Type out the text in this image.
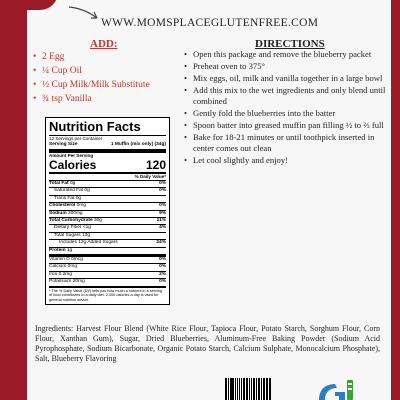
WWW.MOMSPLACEGLUTENFREE.COM
ADD:
• 2 Egg
• ¼ Cup Oil
• ½ Cup Milk/Milk Substitute
• ¾ tsp Vanilla
DIRECTIONS
• Open this package and remove the blueberry packet
• Preheat oven to 375°
• Mix eggs, oil, milk and vanilla together in a large bowl
• Add this mix to the wet ingredients and only blend until combined
• Gently fold the blueberries into the batter
• Spoon batter into greased muffin pan filling ½ to ⅔ full
• Bake for 18-21 minutes or until toothpick inserted in center comes out clean
• Let cool slightly and enjoy!
Nutrition Facts
12 Servings per Container
Serving Size	1 Muffin (mix only) (34g)
Amount Per Serving
Calories	120
% Daily Value*
Total Fat 0g	0%
Saturated Fat 0g	0%
Trans Fat 0g
Cholesterol 0mg	0%
Sodium 200mg	9%
Total Carbohydrate 30g	11%
Dietary Fiber <1g	4%
Total Sugars 13g
Includes 12g Added Sugars	24%
Protein 1g
Vitamin D 0mcg	0%
Calcium 0mg	0%
Iron 0.2mg	2%
Potassium 20mg	0%
* The % Daily Value (DV) tells you how much a nutrient in a serving of food contributes to a daily diet. 2,000 calories a day is used for general nutrition advice.
Ingredients: Harvest Flour Blend (White Rice Flour, Tapioca Flour, Potato Starch, Sorghum Flour, Corn Flour, Xanthan Gum), Sugar, Dried Blueberries, Aluminum-Free Baking Powder (Sodium Acid Pyrophosphate, Sodium Bicarbonate, Organic Potato Starch, Calcium Sulphate, Monocalcium Phosphate), Salt, Blueberry Flavoring
